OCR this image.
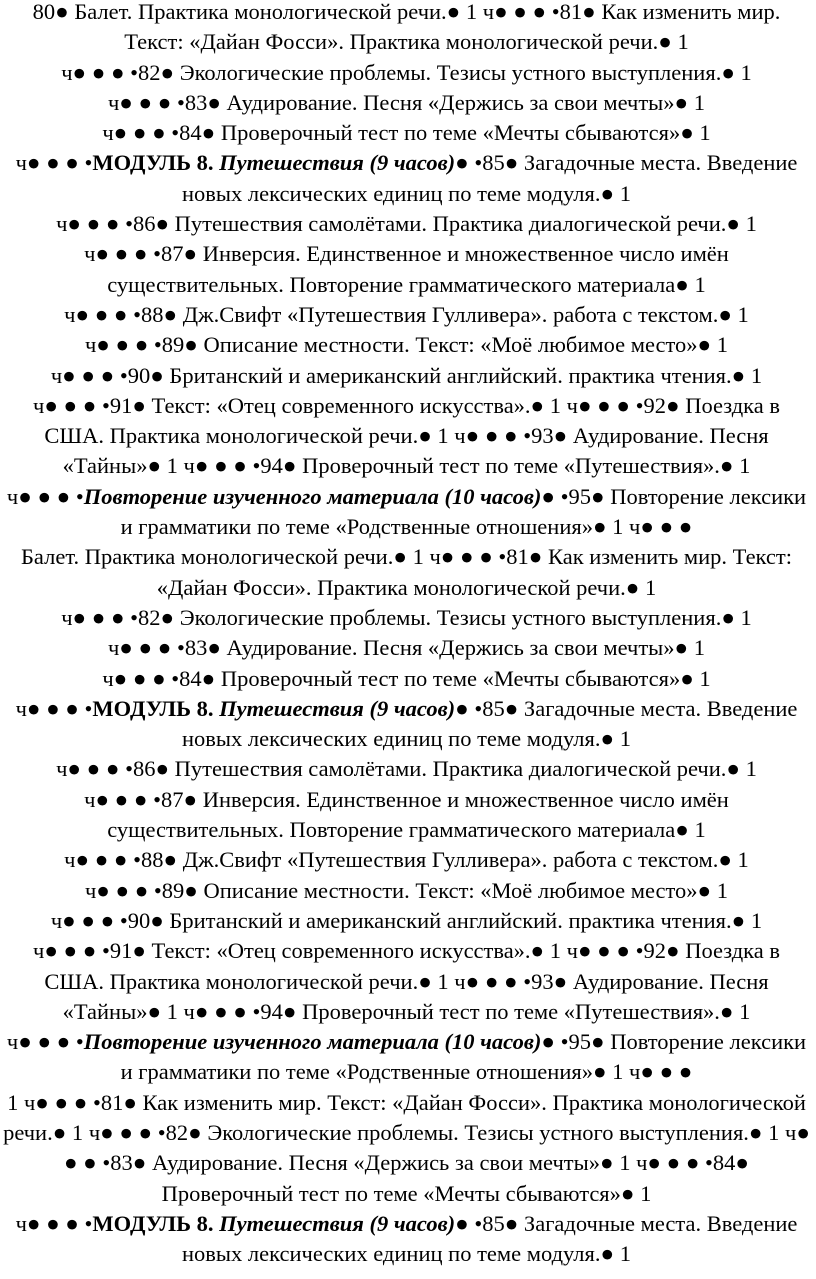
80● Балет. Практика монологической речи.● 1 ч● ● ● •81● Как изменить мир. Текст: «Дайан Фосси». Практика монологической речи.● 1

ч● ● ● •82● Экологические проблемы. Тезисы устного выступления.● 1

ч● ● ● •83● Аудирование. Песня «Держись за свои мечты»● 1

ч● ● ● •84● Проверочный тест по теме «Мечты сбываются»● 1

ч● ● ● •МОДУЛЬ 8. Путешествия (9 часов)● •85● Загадочные места. Введение новых лексических единиц по теме модуля.● 1

ч● ● ● •86● Путешествия самолётами. Практика диалогической речи.● 1

ч● ● ● •87● Инверсия. Единственное и множественное число имён существительных. Повторение грамматического материала● 1

ч● ● ● •88● Дж.Свифт «Путешествия Гулливера». работа с текстом.● 1

ч● ● ● •89● Описание местности. Текст: «Моё любимое место»● 1

ч● ● ● •90● Британский и американский английский. практика чтения.● 1

ч● ● ● •91● Текст: «Отец современного искусства».● 1 ч● ● ● •92● Поездка в США. Практика монологической речи.● 1 ч● ● ● •93● Аудирование. Песня «Тайны»● 1 ч● ● ● •94● Проверочный тест по теме «Путешествия».● 1

ч● ● ● •Повторение изученного материала (10 часов)● •95● Повторение лексики и грамматики по теме «Родственные отношения»● 1 ч● ● ●

Балет. Практика монологической речи.● 1 ч● ● ● •81● Как изменить мир. Текст: «Дайан Фосси». Практика монологической речи.● 1

ч● ● ● •82● Экологические проблемы. Тезисы устного выступления.● 1

ч● ● ● •83● Аудирование. Песня «Держись за свои мечты»● 1

ч● ● ● •84● Проверочный тест по теме «Мечты сбываются»● 1

ч● ● ● •МОДУЛЬ 8. Путешествия (9 часов)● •85● Загадочные места. Введение новых лексических единиц по теме модуля.● 1

ч● ● ● •86● Путешествия самолётами. Практика диалогической речи.● 1

ч● ● ● •87● Инверсия. Единственное и множественное число имён существительных. Повторение грамматического материала● 1

ч● ● ● •88● Дж.Свифт «Путешествия Гулливера». работа с текстом.● 1

ч● ● ● •89● Описание местности. Текст: «Моё любимое место»● 1

ч● ● ● •90● Британский и американский английский. практика чтения.● 1

ч● ● ● •91● Текст: «Отец современного искусства».● 1 ч● ● ● •92● Поездка в США. Практика монологической речи.● 1 ч● ● ● •93● Аудирование. Песня «Тайны»● 1 ч● ● ● •94● Проверочный тест по теме «Путешествия».● 1

ч● ● ● •Повторение изученного материала (10 часов)● •95● Повторение лексики и грамматики по теме «Родственные отношения»● 1 ч● ● ●

1 ч● ● ● •81● Как изменить мир. Текст: «Дайан Фосси». Практика монологической речи.● 1 ч● ● ● •82● Экологические проблемы. Тезисы устного выступления.● 1 ч● ● ● •83● Аудирование. Песня «Держись за свои мечты»● 1 ч● ● ● •84● Проверочный тест по теме «Мечты сбываются»● 1

ч● ● ● •МОДУЛЬ 8. Путешествия (9 часов)● •85● Загадочные места. Введение новых лексических единиц по теме модуля.● 1
